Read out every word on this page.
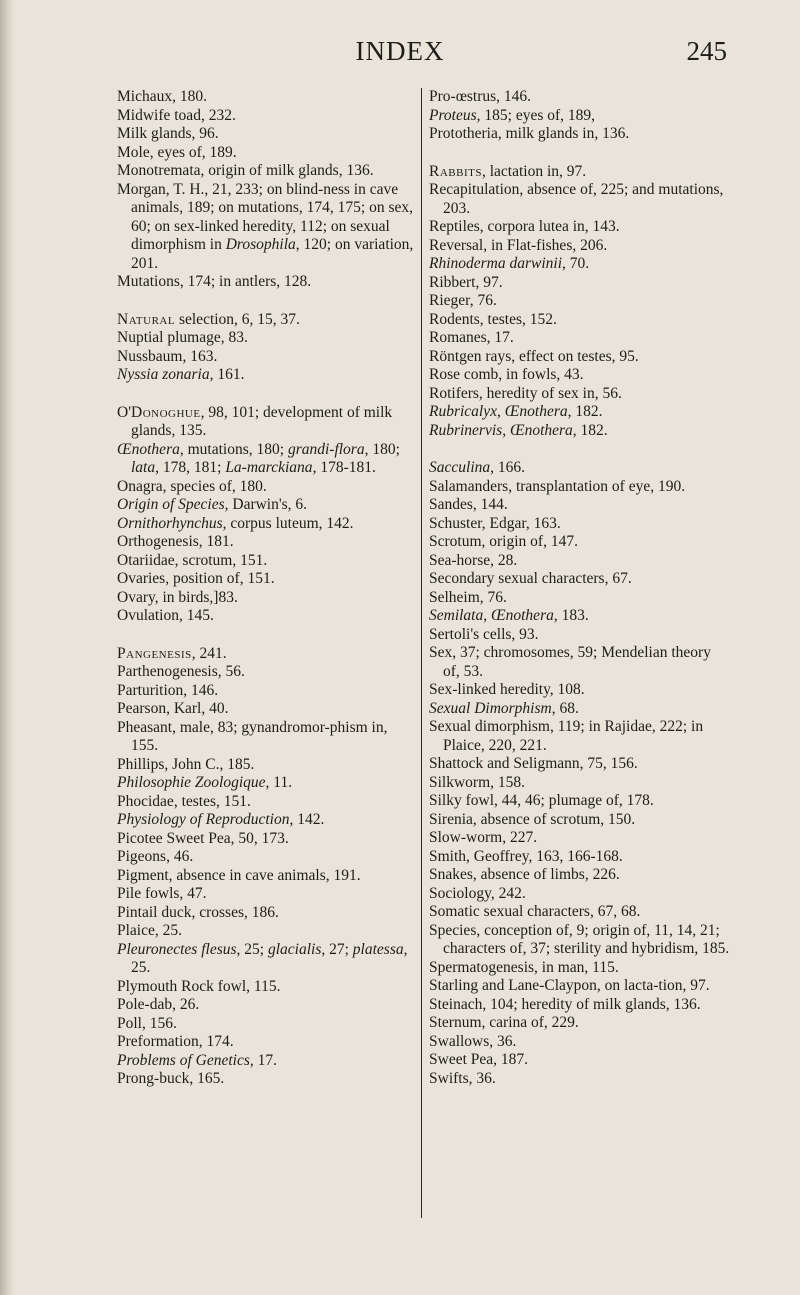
INDEX	245

Michaux, 180.

Midwife toad, 232.

Milk glands, 96.

Mole, eyes of, 189.

Monotremata, origin of milk glands, 136.

Morgan, T. H., 21, 233; on blind-ness in cave animals, 189; on mutations, 174, 175; on sex, 60; on sex-linked heredity, 112; on sexual dimorphism in Drosophila, 120; on variation, 201.

Mutations, 174; in antlers, 128.

Natural selection, 6, 15, 37.

Nuptial plumage, 83.

Nussbaum, 163.

Nyssia zonaria, 161.

O'Donoghue, 98, 101; development of milk glands, 135.

Œnothera, mutations, 180; grandi-flora, 180; lata, 178, 181; La-marckiana, 178-181.

Onagra, species of, 180.

Origin of Species, Darwin's, 6.

Ornithorhynchus, corpus luteum, 142.

Orthogenesis, 181.

Otariidae, scrotum, 151.

Ovaries, position of, 151.

Ovary, in birds,]83.

Ovulation, 145.

Pangenesis, 241.

Parthenogenesis, 56.

Parturition, 146.

Pearson, Karl, 40.

Pheasant, male, 83; gynandromor-phism in, 155.

Phillips, John C., 185.

Philosophie Zoologique, 11.

Phocidae, testes, 151.

Physiology of Reproduction, 142.

Picotee Sweet Pea, 50, 173.

Pigeons, 46.

Pigment, absence in cave animals, 191.

Pile fowls, 47.

Pintail duck, crosses, 186.

Plaice, 25.

Pleuronectes flesus, 25; glacialis, 27; platessa, 25.

Plymouth Rock fowl, 115.

Pole-dab, 26.

Poll, 156.

Preformation, 174.

Problems of Genetics, 17.

Prong-buck, 165.

Pro-œstrus, 146.

Proteus, 185; eyes of, 189,

Prototheria, milk glands in, 136.

Rabbits, lactation in, 97.

Recapitulation, absence of, 225; and mutations, 203.

Reptiles, corpora lutea in, 143.

Reversal, in Flat-fishes, 206.

Rhinoderma darwinii, 70.

Ribbert, 97.

Rieger, 76.

Rodents, testes, 152.

Romanes, 17.

Röntgen rays, effect on testes, 95.

Rose comb, in fowls, 43.

Rotifers, heredity of sex in, 56.

Rubricalyx, Œnothera, 182.

Rubrinervis, Œnothera, 182.

Sacculina, 166.

Salamanders, transplantation of eye, 190.

Sandes, 144.

Schuster, Edgar, 163.

Scrotum, origin of, 147.

Sea-horse, 28.

Secondary sexual characters, 67.

Selheim, 76.

Semilata, Œnothera, 183.

Sertoli's cells, 93.

Sex, 37; chromosomes, 59; Mendelian theory of, 53.

Sex-linked heredity, 108.

Sexual Dimorphism, 68.

Sexual dimorphism, 119; in Rajidae, 222; in Plaice, 220, 221.

Shattock and Seligmann, 75, 156.

Silkworm, 158.

Silky fowl, 44, 46; plumage of, 178.

Sirenia, absence of scrotum, 150.

Slow-worm, 227.

Smith, Geoffrey, 163, 166-168.

Snakes, absence of limbs, 226.

Sociology, 242.

Somatic sexual characters, 67, 68.

Species, conception of, 9; origin of, 11, 14, 21; characters of, 37; sterility and hybridism, 185.

Spermatogenesis, in man, 115.

Starling and Lane-Claypon, on lacta-tion, 97.

Steinach, 104; heredity of milk glands, 136.

Sternum, carina of, 229.

Swallows, 36.

Sweet Pea, 187.

Swifts, 36.
